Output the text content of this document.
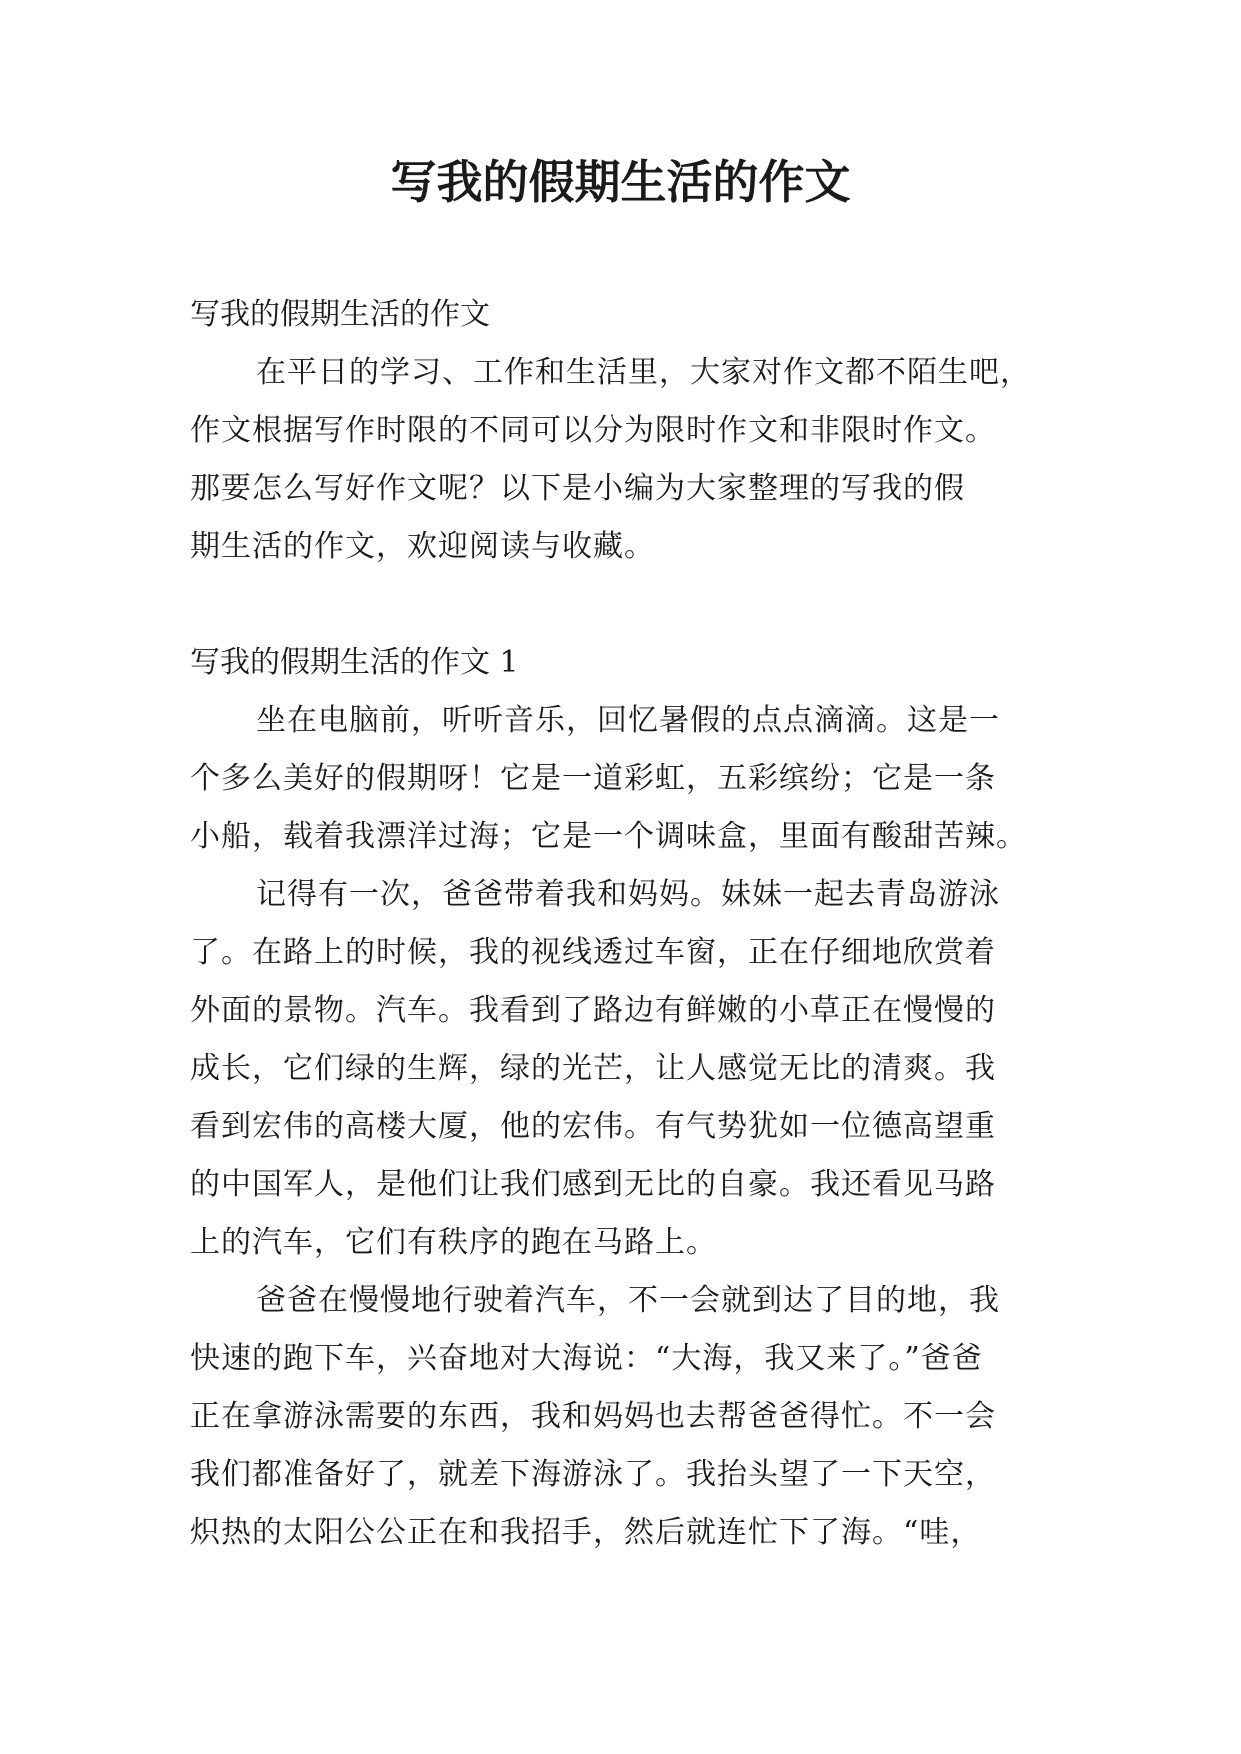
写我的假期生活的作文

写我的假期生活的作文

在平日的学习、工作和生活里，大家对作文都不陌生吧，
作文根据写作时限的不同可以分为限时作文和非限时作文。
那要怎么写好作文呢？以下是小编为大家整理的写我的假
期生活的作文，欢迎阅读与收藏。

写我的假期生活的作文 1

坐在电脑前，听听音乐，回忆暑假的点点滴滴。这是一
个多么美好的假期呀！它是一道彩虹，五彩缤纷；它是一条
小船，载着我漂洋过海；它是一个调味盒，里面有酸甜苦辣。

记得有一次，爸爸带着我和妈妈。妹妹一起去青岛游泳
了。在路上的时候，我的视线透过车窗，正在仔细地欣赏着
外面的景物。汽车。我看到了路边有鲜嫩的小草正在慢慢的
成长，它们绿的生辉，绿的光芒，让人感觉无比的清爽。我
看到宏伟的高楼大厦，他的宏伟。有气势犹如一位德高望重
的中国军人，是他们让我们感到无比的自豪。我还看见马路
上的汽车，它们有秩序的跑在马路上。

爸爸在慢慢地行驶着汽车，不一会就到达了目的地，我
快速的跑下车，兴奋地对大海说：“大海，我又来了。”爸爸
正在拿游泳需要的东西，我和妈妈也去帮爸爸得忙。不一会
我们都准备好了，就差下海游泳了。我抬头望了一下天空，
炽热的太阳公公正在和我招手，然后就连忙下了海。“哇，
